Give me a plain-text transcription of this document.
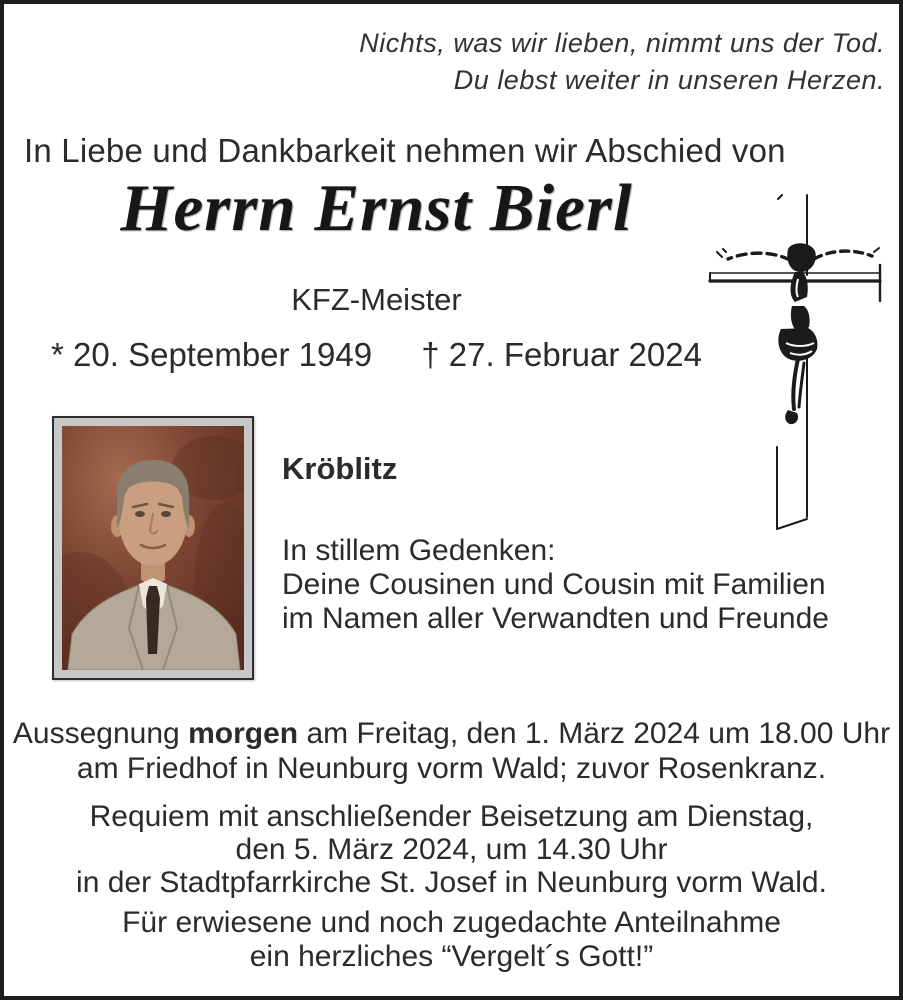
Nichts, was wir lieben, nimmt uns der Tod.
Du lebst weiter in unseren Herzen.
In Liebe und Dankbarkeit nehmen wir Abschied von
Herrn Ernst Bierl
KFZ-Meister
* 20. September 1949 † 27. Februar 2024
Kröblitz
In stillem Gedenken:
Deine Cousinen und Cousin mit Familien
im Namen aller Verwandten und Freunde
Aussegnung morgen am Freitag, den 1. März 2024 um 18.00 Uhr
am Friedhof in Neunburg vorm Wald; zuvor Rosenkranz.
Requiem mit anschließender Beisetzung am Dienstag,
den 5. März 2024, um 14.30 Uhr
in der Stadtpfarrkirche St. Josef in Neunburg vorm Wald.
Für erwiesene und noch zugedachte Anteilnahme
ein herzliches “Vergelt´s Gott!”
